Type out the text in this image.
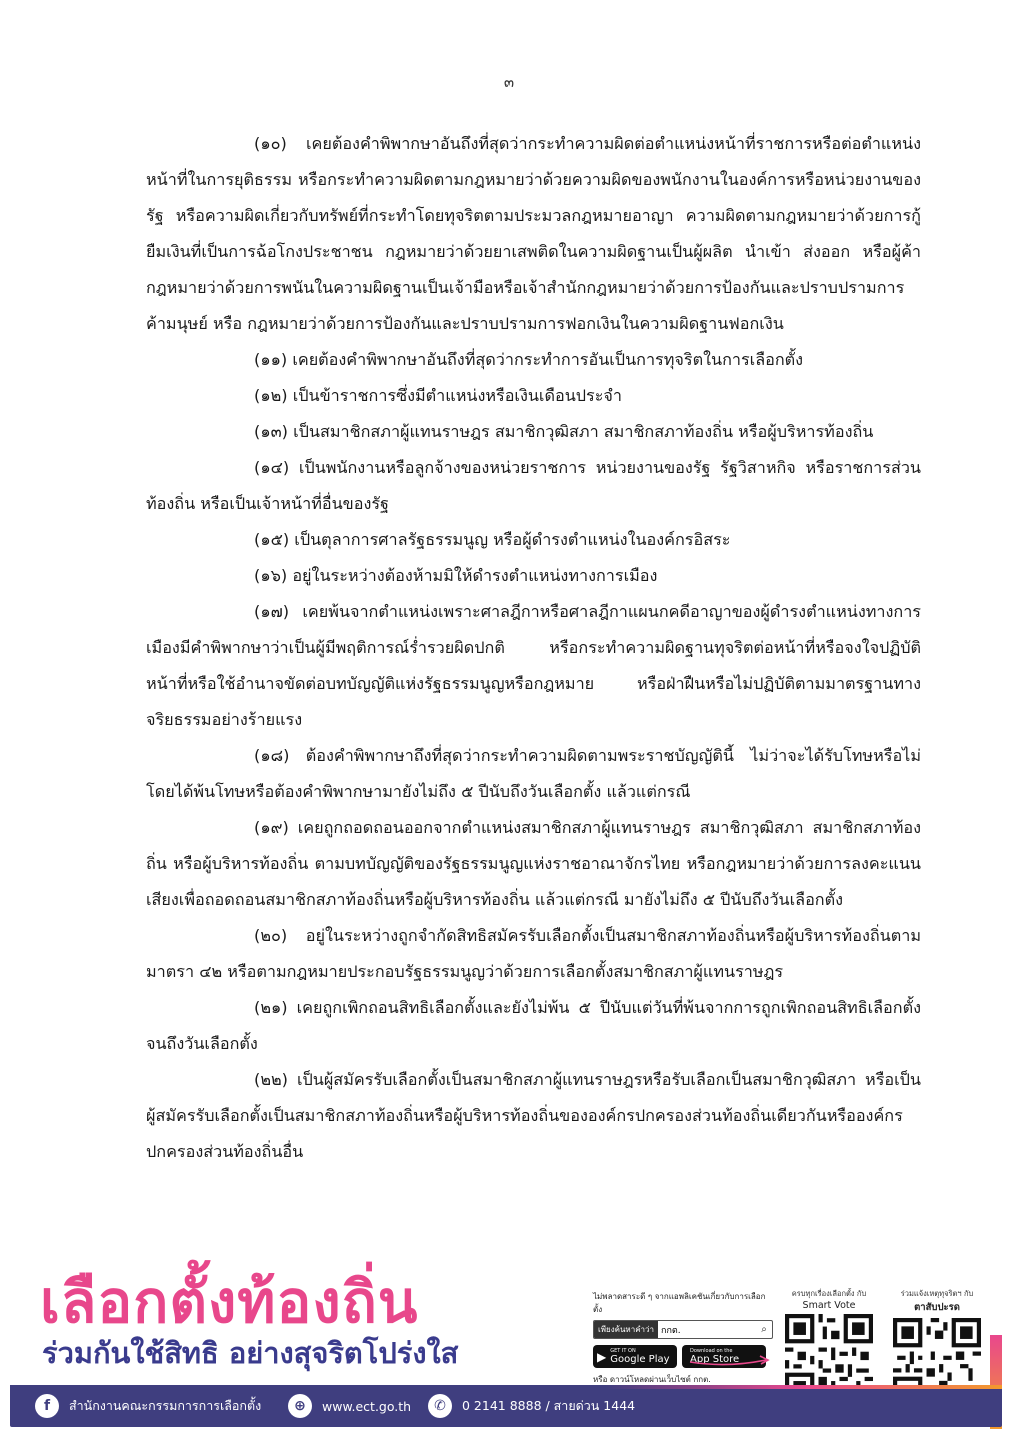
๓

(๑๐) เคยต้องคำพิพากษาอันถึงที่สุดว่ากระทำความผิดต่อตำแหน่งหน้าที่ราชการหรือต่อตำแหน่งหน้าที่ในการยุติธรรม หรือกระทำความผิดตามกฎหมายว่าด้วยความผิดของพนักงานในองค์การหรือหน่วยงานของรัฐ หรือความผิดเกี่ยวกับทรัพย์ที่กระทำโดยทุจริตตามประมวลกฎหมายอาญา ความผิดตามกฎหมายว่าด้วยการกู้ยืมเงินที่เป็นการฉ้อโกงประชาชน กฎหมายว่าด้วยยาเสพติดในความผิดฐานเป็นผู้ผลิต นำเข้า ส่งออก หรือผู้ค้า กฎหมายว่าด้วยการพนันในความผิดฐานเป็นเจ้ามือหรือเจ้าสำนักกฎหมายว่าด้วยการป้องกันและปราบปรามการค้ามนุษย์ หรือ กฎหมายว่าด้วยการป้องกันและปราบปรามการฟอกเงินในความผิดฐานฟอกเงิน

(๑๑) เคยต้องคำพิพากษาอันถึงที่สุดว่ากระทำการอันเป็นการทุจริตในการเลือกตั้ง

(๑๒) เป็นข้าราชการซึ่งมีตำแหน่งหรือเงินเดือนประจำ

(๑๓) เป็นสมาชิกสภาผู้แทนราษฎร สมาชิกวุฒิสภา สมาชิกสภาท้องถิ่น หรือผู้บริหารท้องถิ่น

(๑๔) เป็นพนักงานหรือลูกจ้างของหน่วยราชการ หน่วยงานของรัฐ รัฐวิสาหกิจ หรือราชการส่วนท้องถิ่น หรือเป็นเจ้าหน้าที่อื่นของรัฐ

(๑๕) เป็นตุลาการศาลรัฐธรรมนูญ หรือผู้ดำรงตำแหน่งในองค์กรอิสระ

(๑๖) อยู่ในระหว่างต้องห้ามมิให้ดำรงตำแหน่งทางการเมือง

(๑๗) เคยพ้นจากตำแหน่งเพราะศาลฎีกาหรือศาลฎีกาแผนกคดีอาญาของผู้ดำรงตำแหน่งทางการเมืองมีคำพิพากษาว่าเป็นผู้มีพฤติการณ์ร่ำรวยผิดปกติ หรือกระทำความผิดฐานทุจริตต่อหน้าที่หรือจงใจปฏิบัติหน้าที่หรือใช้อำนาจขัดต่อบทบัญญัติแห่งรัฐธรรมนูญหรือกฎหมาย หรือฝ่าฝืนหรือไม่ปฏิบัติตามมาตรฐานทางจริยธรรมอย่างร้ายแรง

(๑๘) ต้องคำพิพากษาถึงที่สุดว่ากระทำความผิดตามพระราชบัญญัตินี้ ไม่ว่าจะได้รับโทษหรือไม่ โดยได้พ้นโทษหรือต้องคำพิพากษามายังไม่ถึง ๕ ปีนับถึงวันเลือกตั้ง แล้วแต่กรณี

(๑๙) เคยถูกถอดถอนออกจากตำแหน่งสมาชิกสภาผู้แทนราษฎร สมาชิกวุฒิสภา สมาชิกสภาท้องถิ่น หรือผู้บริหารท้องถิ่น ตามบทบัญญัติของรัฐธรรมนูญแห่งราชอาณาจักรไทย หรือกฎหมายว่าด้วยการลงคะแนนเสียงเพื่อถอดถอนสมาชิกสภาท้องถิ่นหรือผู้บริหารท้องถิ่น แล้วแต่กรณี มายังไม่ถึง ๕ ปีนับถึงวันเลือกตั้ง

(๒๐) อยู่ในระหว่างถูกจำกัดสิทธิสมัครรับเลือกตั้งเป็นสมาชิกสภาท้องถิ่นหรือผู้บริหารท้องถิ่นตามมาตรา ๔๒ หรือตามกฎหมายประกอบรัฐธรรมนูญว่าด้วยการเลือกตั้งสมาชิกสภาผู้แทนราษฎร

(๒๑) เคยถูกเพิกถอนสิทธิเลือกตั้งและยังไม่พ้น ๕ ปีนับแต่วันที่พ้นจากการถูกเพิกถอนสิทธิเลือกตั้งจนถึงวันเลือกตั้ง

(๒๒) เป็นผู้สมัครรับเลือกตั้งเป็นสมาชิกสภาผู้แทนราษฎรหรือรับเลือกเป็นสมาชิกวุฒิสภา หรือเป็นผู้สมัครรับเลือกตั้งเป็นสมาชิกสภาท้องถิ่นหรือผู้บริหารท้องถิ่นขององค์กรปกครองส่วนท้องถิ่นเดียวกันหรือองค์กรปกครองส่วนท้องถิ่นอื่น

เลือกตั้งท้องถิ่น
ร่วมกันใช้สิทธิ อย่างสุจริตโปร่งใส
ไม่พลาดสาระดี ๆ จากแอพลิเคชันเกี่ยวกับการเลือกตั้ง
เพียงค้นหาคำว่า
กกต.	⌕
▶ GET IT ON
Google Play
Download on the
App Store
หรือ ดาวน์โหลดผ่านเว็บไซต์ กกต.
ครบทุกเรื่องเลือกตั้ง กับ
Smart Vote
ร่วมแจ้งเหตุทุจริตฯ กับ
ตาสับปะรด
f	สำนักงานคณะกรรมการการเลือกตั้ง	⊕	www.ect.go.th	✆	0 2141 8888 / สายด่วน 1444
